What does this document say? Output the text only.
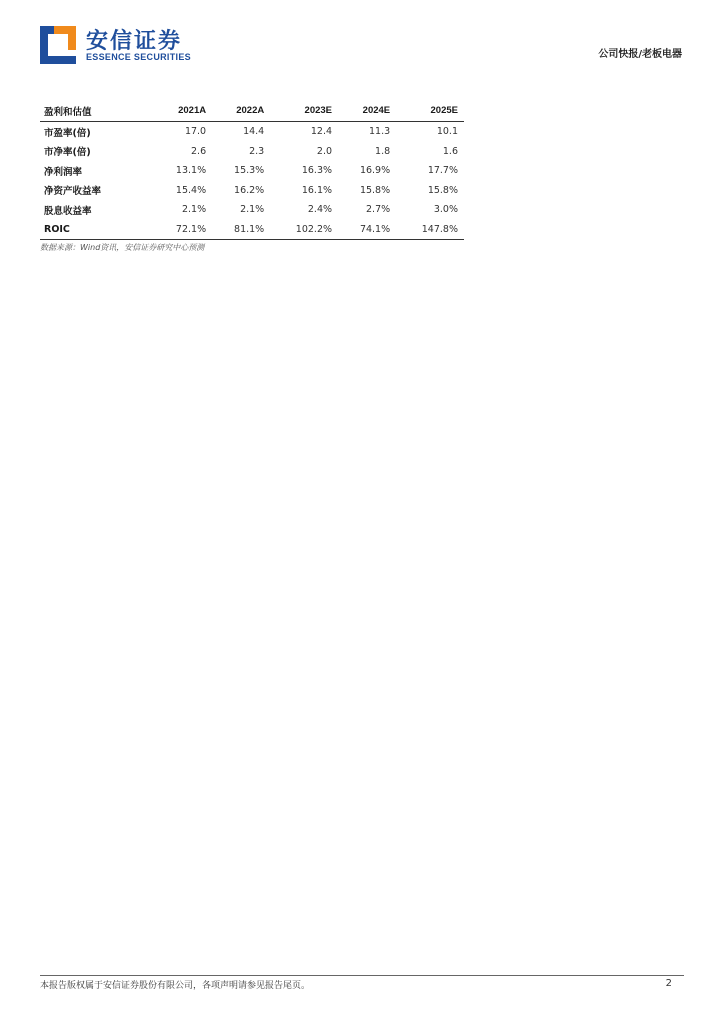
安信证券
ESSENCE SECURITIES	公司快报/老板电器
盈利和估值	2021A	2022A	2023E	2024E	2025E
市盈率(倍)	17.0	14.4	12.4	11.3	10.1
市净率(倍)	2.6	2.3	2.0	1.8	1.6
净利润率	13.1%	15.3%	16.3%	16.9%	17.7%
净资产收益率	15.4%	16.2%	16.1%	15.8%	15.8%
股息收益率	2.1%	2.1%	2.4%	2.7%	3.0%
ROIC	72.1%	81.1%	102.2%	74.1%	147.8%
数据来源：Wind资讯，安信证券研究中心预测
本报告版权属于安信证券股份有限公司，各项声明请参见报告尾页。	2
